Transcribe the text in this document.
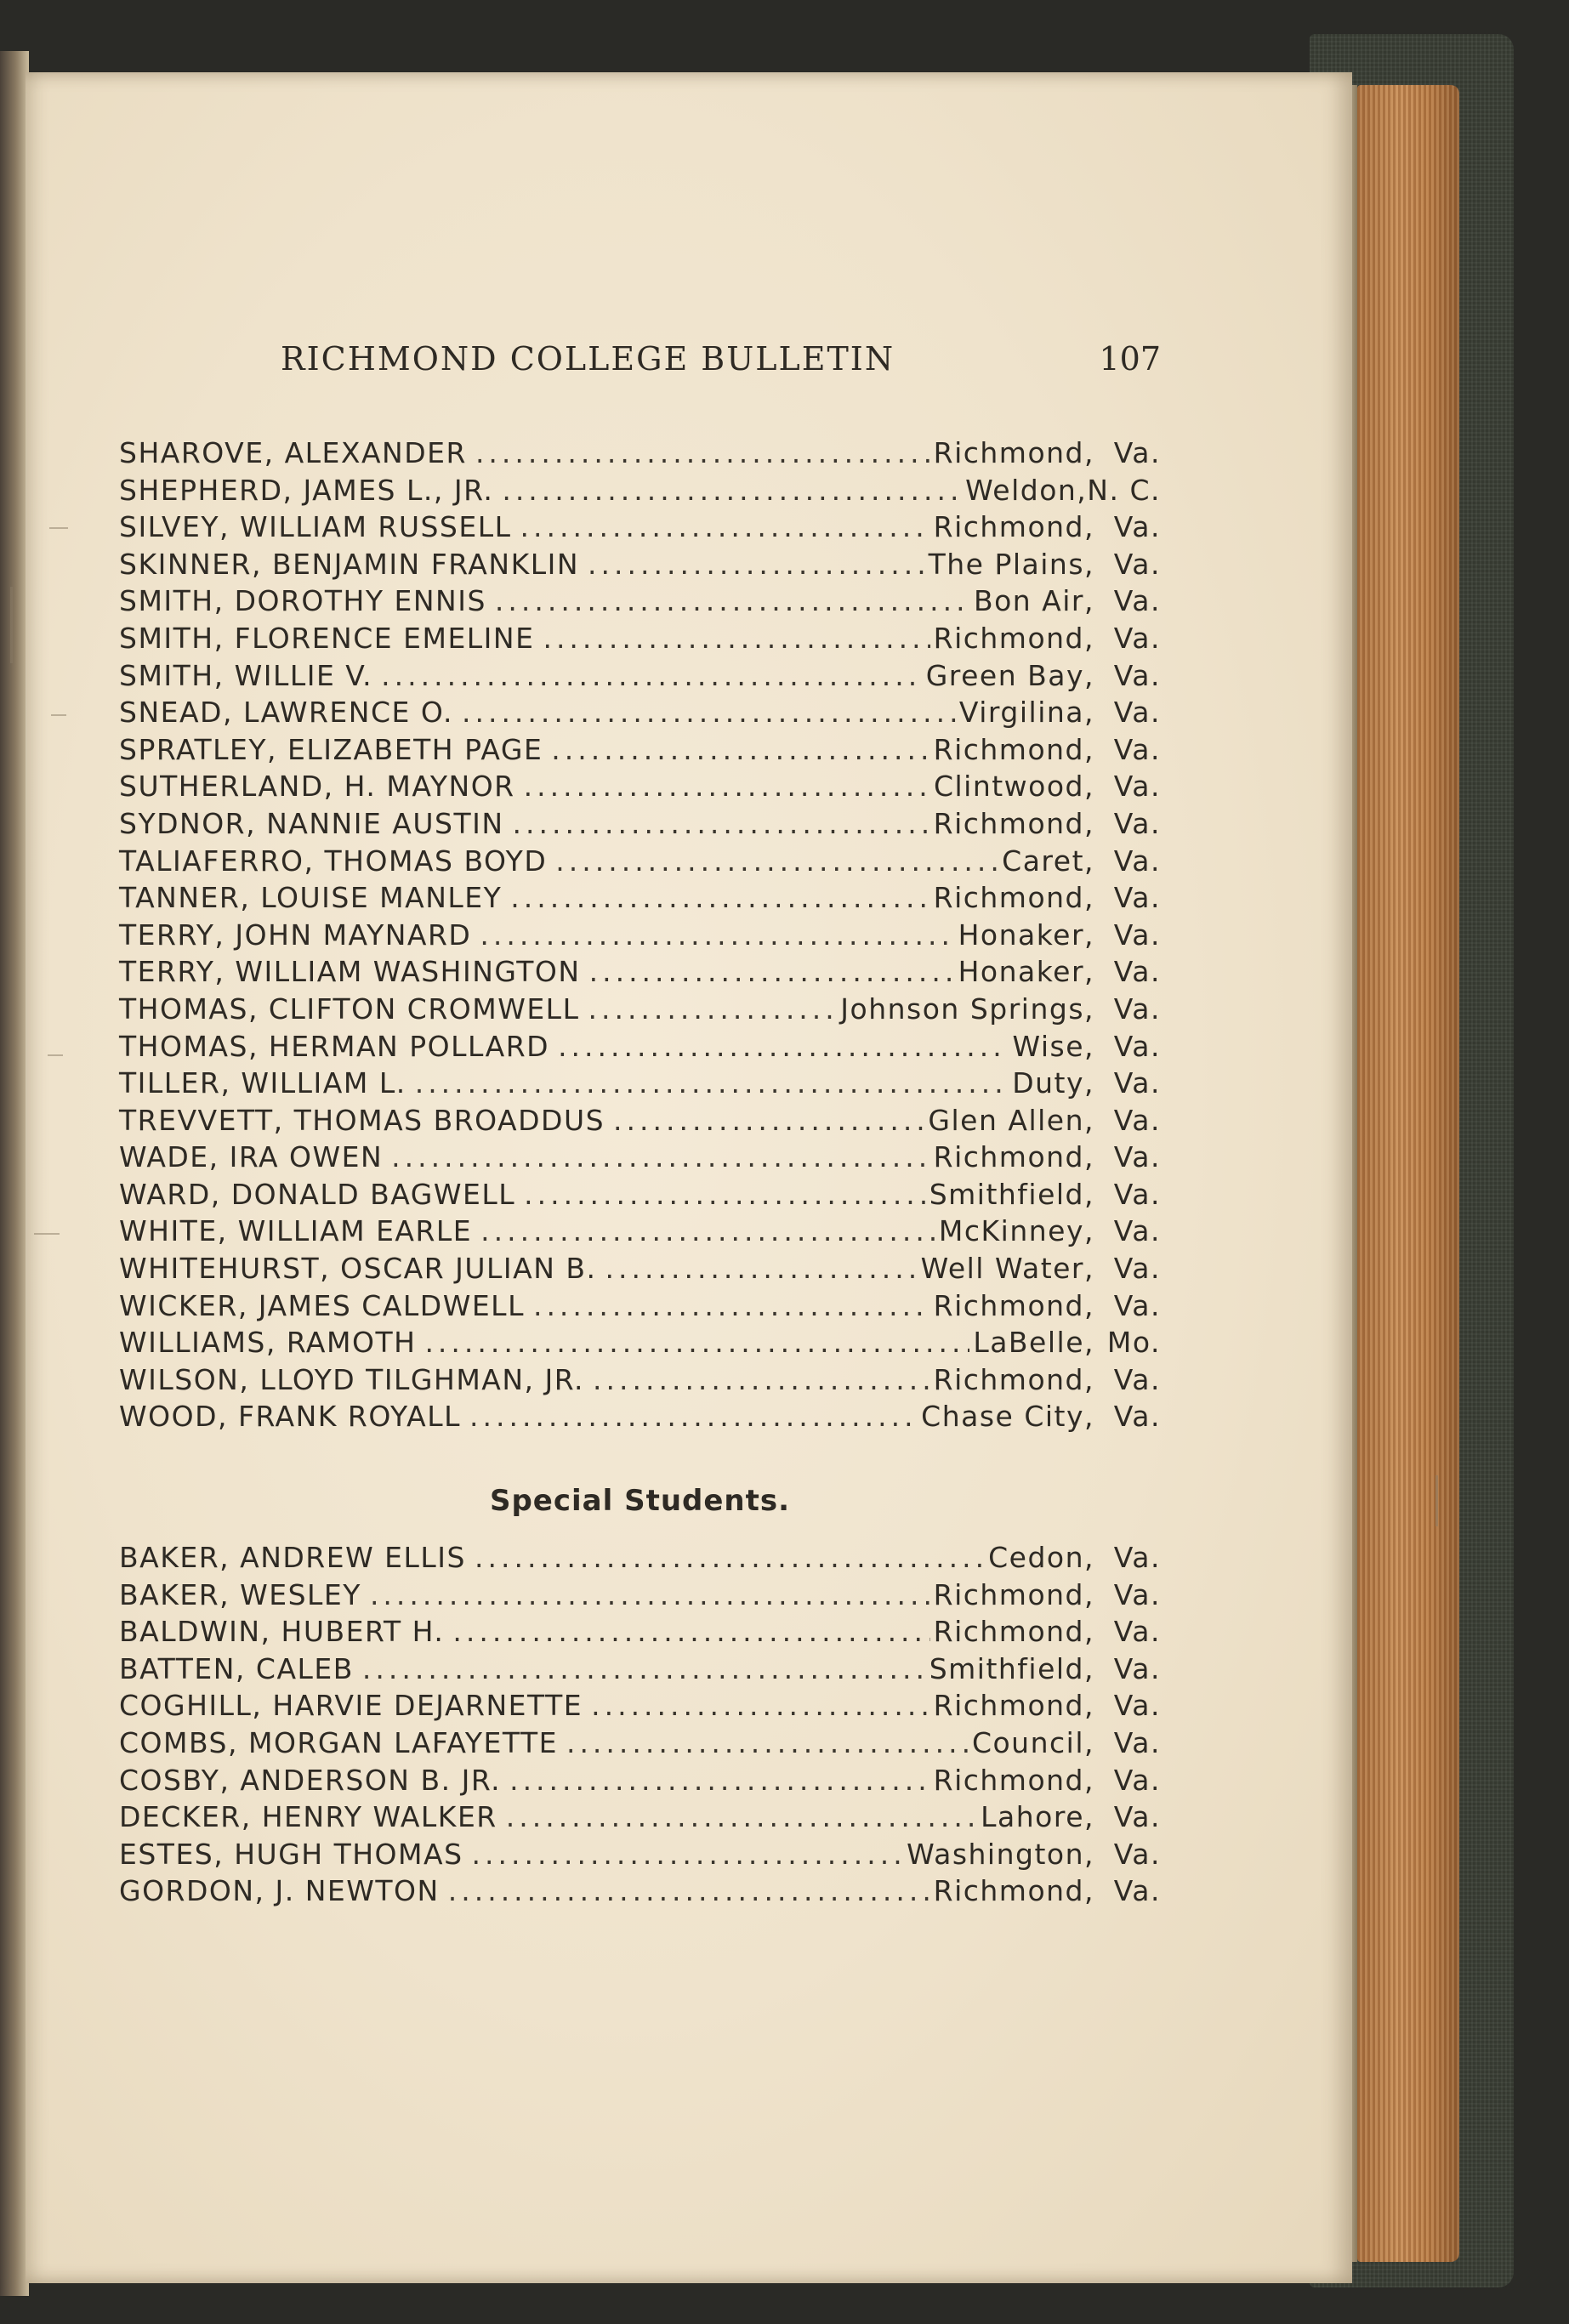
RICHMOND COLLEGE BULLETIN	107
SHAROVE, ALEXANDER .....	Richmond, Va.
SHEPHERD, JAMES L., JR. .....	Weldon, N. C.
SILVEY, WILLIAM RUSSELL .....	Richmond, Va.
SKINNER, BENJAMIN FRANKLIN .....	The Plains, Va.
SMITH, DOROTHY ENNIS .....	Bon Air, Va.
SMITH, FLORENCE EMELINE .....	Richmond, Va.
SMITH, WILLIE V. .....	Green Bay, Va.
SNEAD, LAWRENCE O. .....	Virgilina, Va.
SPRATLEY, ELIZABETH PAGE .....	Richmond, Va.
SUTHERLAND, H. MAYNOR .....	Clintwood, Va.
SYDNOR, NANNIE AUSTIN .....	Richmond, Va.
TALIAFERRO, THOMAS BOYD .....	Caret, Va.
TANNER, LOUISE MANLEY .....	Richmond, Va.
TERRY, JOHN MAYNARD .....	Honaker, Va.
TERRY, WILLIAM WASHINGTON .....	Honaker, Va.
THOMAS, CLIFTON CROMWELL .....	Johnson Springs, Va.
THOMAS, HERMAN POLLARD .....	Wise, Va.
TILLER, WILLIAM L. .....	Duty, Va.
TREVVETT, THOMAS BROADDUS .....	Glen Allen, Va.
WADE, IRA OWEN .....	Richmond, Va.
WARD, DONALD BAGWELL .....	Smithfield, Va.
WHITE, WILLIAM EARLE .....	McKinney, Va.
WHITEHURST, OSCAR JULIAN B. .....	Well Water, Va.
WICKER, JAMES CALDWELL .....	Richmond, Va.
WILLIAMS, RAMOTH .....	LaBelle, Mo.
WILSON, LLOYD TILGHMAN, JR. .....	Richmond, Va.
WOOD, FRANK ROYALL .....	Chase City, Va.
Special Students.
BAKER, ANDREW ELLIS .....	Cedon, Va.
BAKER, WESLEY .....	Richmond, Va.
BALDWIN, HUBERT H. .....	Richmond, Va.
BATTEN, CALEB .....	Smithfield, Va.
COGHILL, HARVIE DEJARNETTE .....	Richmond, Va.
COMBS, MORGAN LAFAYETTE .....	Council, Va.
COSBY, ANDERSON B. JR. .....	Richmond, Va.
DECKER, HENRY WALKER .....	Lahore, Va.
ESTES, HUGH THOMAS .....	Washington, Va.
GORDON, J. NEWTON .....	Richmond, Va.
